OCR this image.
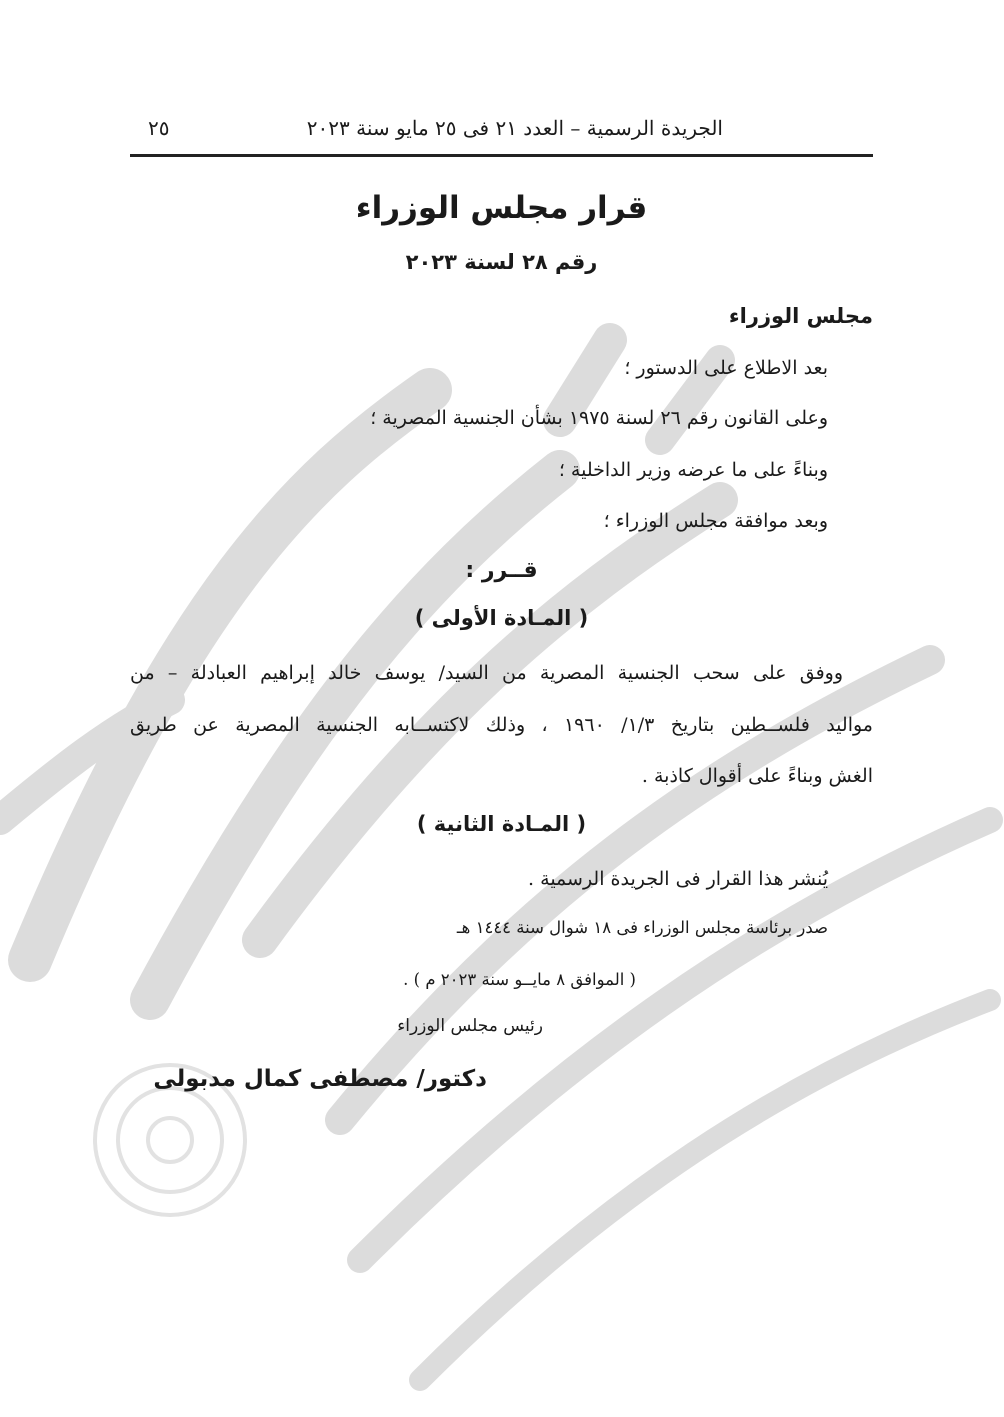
الجريدة الرسمية – العدد ٢١ فى ٢٥ مايو سنة ٢٠٢٣
٢٥
قرار مجلس الوزراء
رقم ٢٨ لسنة ٢٠٢٣
مجلس الوزراء
بعد الاطلاع على الدستور ؛
وعلى القانون رقم ٢٦ لسنة ١٩٧٥ بشأن الجنسية المصرية ؛
وبناءً على ما عرضه وزير الداخلية ؛
وبعد موافقة مجلس الوزراء ؛
قــرر :
( المـادة الأولى )
ووفق على سحب الجنسية المصرية من السيد/ يوسف خالد إبراهيم العبادلة – من
مواليد فلســطين بتاريخ ١/٣/ ١٩٦٠ ، وذلك لاكتســابه الجنسية المصرية عن طريق
الغش وبناءً على أقوال كاذبة .
( المـادة الثانية )
يُنشر هذا القرار فى الجريدة الرسمية .
صدر برئاسة مجلس الوزراء فى ١٨ شوال سنة ١٤٤٤ هـ
( الموافق ٨ مايــو سنة ٢٠٢٣ م ) .
رئيس مجلس الوزراء
دكتور/ مصطفى كمال مدبولى
